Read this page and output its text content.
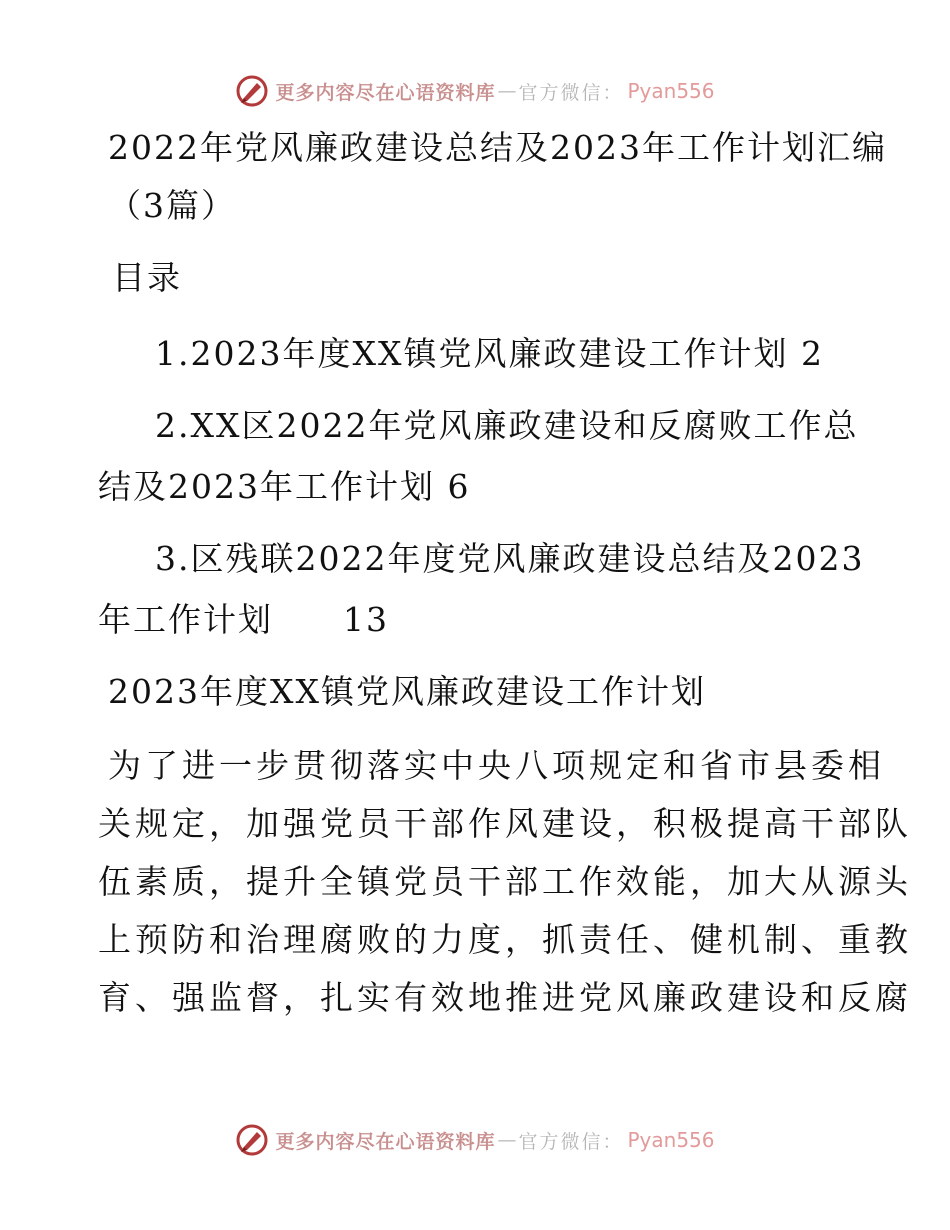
更多内容尽在心语资料库 — 官方微信： Pyan556
2022年党风廉政建设总结及2023年工作计划汇编
（3篇）
目录
1.2023年度XX镇党风廉政建设工作计划 2
2.XX区2022年党风廉政建设和反腐败工作总
结及2023年工作计划 6
3.区残联2022年度党风廉政建设总结及2023
年工作计划　　13
2023年度XX镇党风廉政建设工作计划
为了进一步贯彻落实中央八项规定和省市县委相
关规定，加强党员干部作风建设，积极提高干部队
伍素质，提升全镇党员干部工作效能，加大从源头
上预防和治理腐败的力度，抓责任、健机制、重教
育、强监督，扎实有效地推进党风廉政建设和反腐
更多内容尽在心语资料库 — 官方微信： Pyan556
